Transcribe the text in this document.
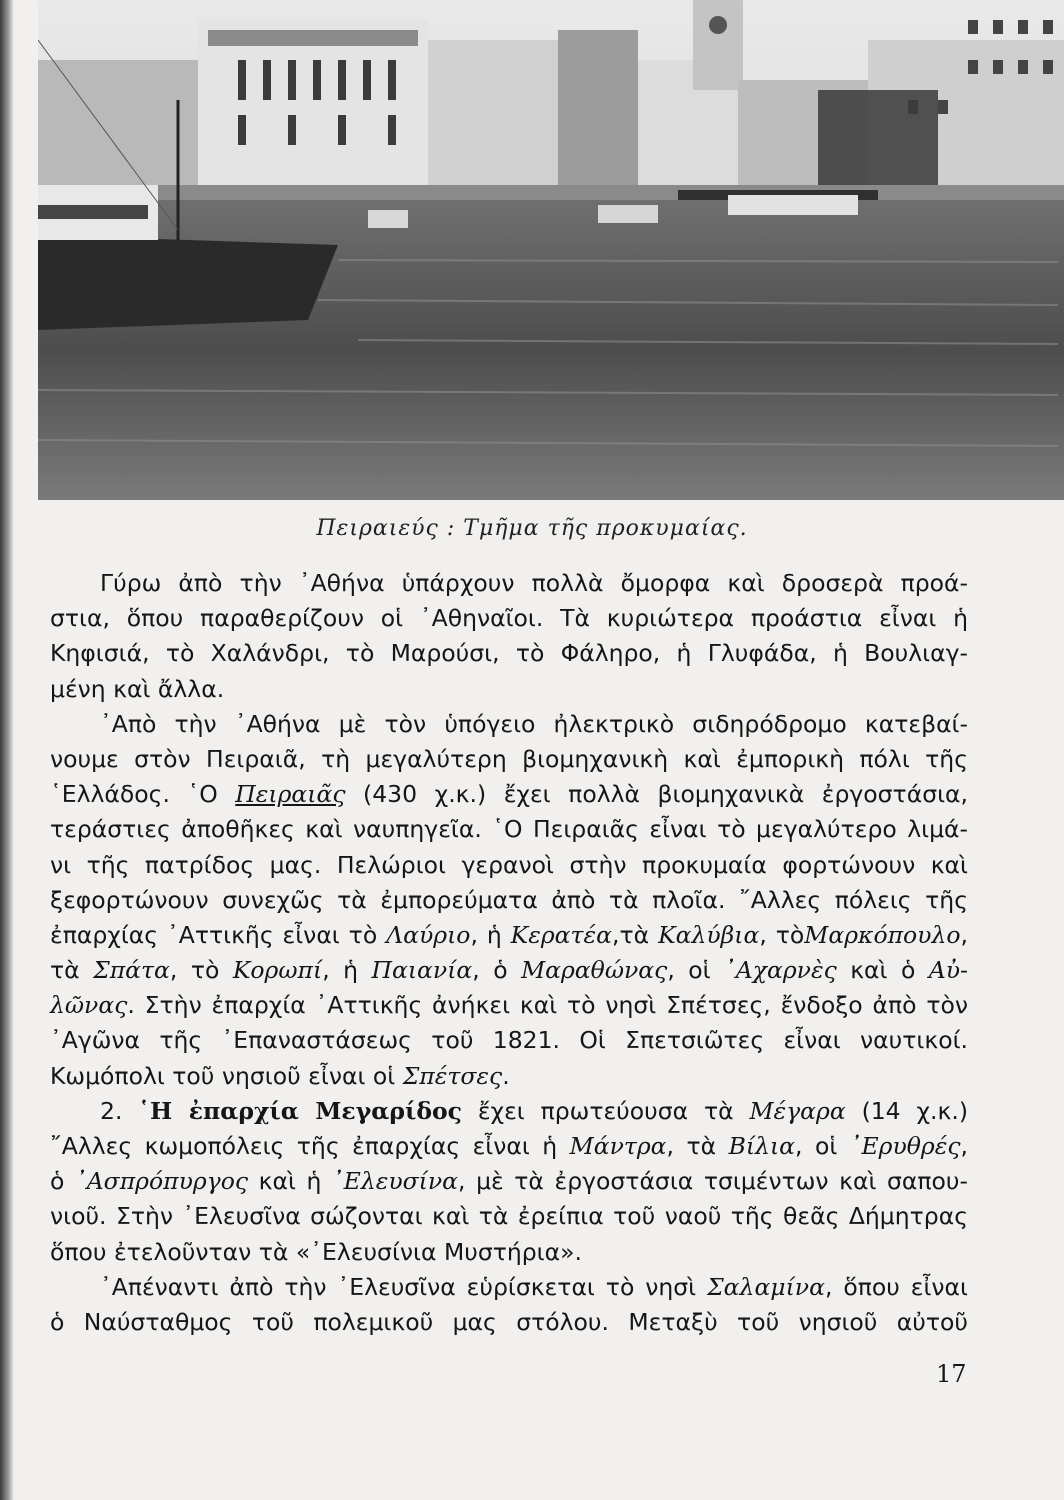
Πειραιεύς : Τμῆμα τῆς προκυμαίας.
Γύρω ἀπὸ τὴν ᾿Αθήνα ὑπάρχουν πολλὰ ὄμορφα καὶ δροσερὰ προά-
στια, ὅπου παραθερίζουν οἱ ᾿Αθηναῖοι. Τὰ κυριώτερα προάστια εἶναι ἡ
Κηφισιά, τὸ Χαλάνδρι, τὸ Μαρούσι, τὸ Φάληρο, ἡ Γλυφάδα, ἡ Βουλιαγ-
μένη καὶ ἄλλα.
᾿Απὸ τὴν ᾿Αθήνα μὲ τὸν ὑπόγειο ἠλεκτρικὸ σιδηρόδρομο κατεβαί-
νουμε στὸν Πειραιᾶ, τὴ μεγαλύτερη βιομηχανικὴ καὶ ἐμπορικὴ πόλι τῆς
῾Ελλάδος. ῾Ο Πειραιᾶς (430 χ.κ.) ἔχει πολλὰ βιομηχανικὰ ἐργοστάσια,
τεράστιες ἀποθῆκες καὶ ναυπηγεῖα. ῾Ο Πειραιᾶς εἶναι τὸ μεγαλύτερο λιμά-
νι τῆς πατρίδος μας. Πελώριοι γερανοὶ στὴν προκυμαία φορτώνουν καὶ
ξεφορτώνουν συνεχῶς τὰ ἐμπορεύματα ἀπὸ τὰ πλοῖα. ῎Αλλες πόλεις τῆς
ἐπαρχίας ᾿Αττικῆς εἶναι τὸ Λαύριο, ἡ Κερατέα,τὰ Καλύβια, τὸΜαρκόπουλο,
τὰ Σπάτα, τὸ Κορωπί, ἡ Παιανία, ὁ Μαραθώνας, οἱ ᾿Αχαρνὲς καὶ ὁ Αὐ-
λῶνας. Στὴν ἐπαρχία ᾿Αττικῆς ἀνήκει καὶ τὸ νησὶ Σπέτσες, ἔνδοξο ἀπὸ τὸν
᾿Αγῶνα τῆς ᾿Επαναστάσεως τοῦ 1821. Οἱ Σπετσιῶτες εἶναι ναυτικοί.
Κωμόπολι τοῦ νησιοῦ εἶναι οἱ Σπέτσες.
2. ῾Η ἐπαρχία Μεγαρίδος ἔχει πρωτεύουσα τὰ Μέγαρα (14 χ.κ.)
῎Αλλες κωμοπόλεις τῆς ἐπαρχίας εἶναι ἡ Μάντρα, τὰ Βίλια, οἱ ᾿Ερυθρές,
ὁ ᾿Ασπρόπυργος καὶ ἡ ᾿Ελευσίνα, μὲ τὰ ἐργοστάσια τσιμέντων καὶ σαπου-
νιοῦ. Στὴν ᾿Ελευσῖνα σώζονται καὶ τὰ ἐρείπια τοῦ ναοῦ τῆς θεᾶς Δήμητρας
ὅπου ἐτελοῦνταν τὰ «᾿Ελευσίνια Μυστήρια».
᾿Απέναντι ἀπὸ τὴν ᾿Ελευσῖνα εὑρίσκεται τὸ νησὶ Σαλαμίνα, ὅπου εἶναι
ὁ Ναύσταθμος τοῦ πολεμικοῦ μας στόλου. Μεταξὺ τοῦ νησιοῦ αὐτοῦ
17
